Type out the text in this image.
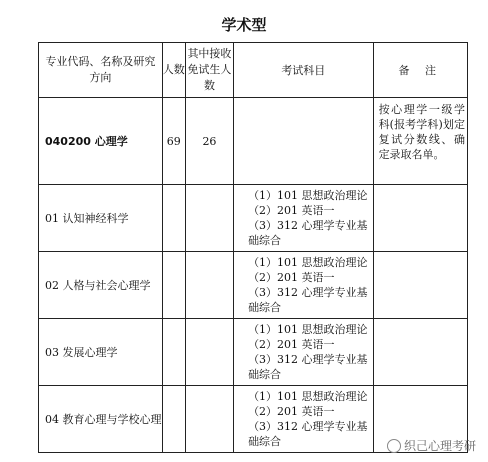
学术型
专业代码、名称及研究方向	人数	其中接收免试生人数	考试科目	备 注
040200 心理学	69	26		按心理学一级学科(报考学科)划定复试分数线、确定录取名单。
01 认知神经科学			（1）101 思想政治理论
（2）201 英语一
（3）312 心理学专业基
础综合	

02 人格与社会心理学			（1）101 思想政治理论
（2）201 英语一
（3）312 心理学专业基
础综合	

03 发展心理学			（1）101 思想政治理论
（2）201 英语一
（3）312 心理学专业基
础综合	

04 教育心理与学校心理			（1）101 思想政治理论
（2）201 英语一
（3）312 心理学专业基
础综合	
		织己心理考研
